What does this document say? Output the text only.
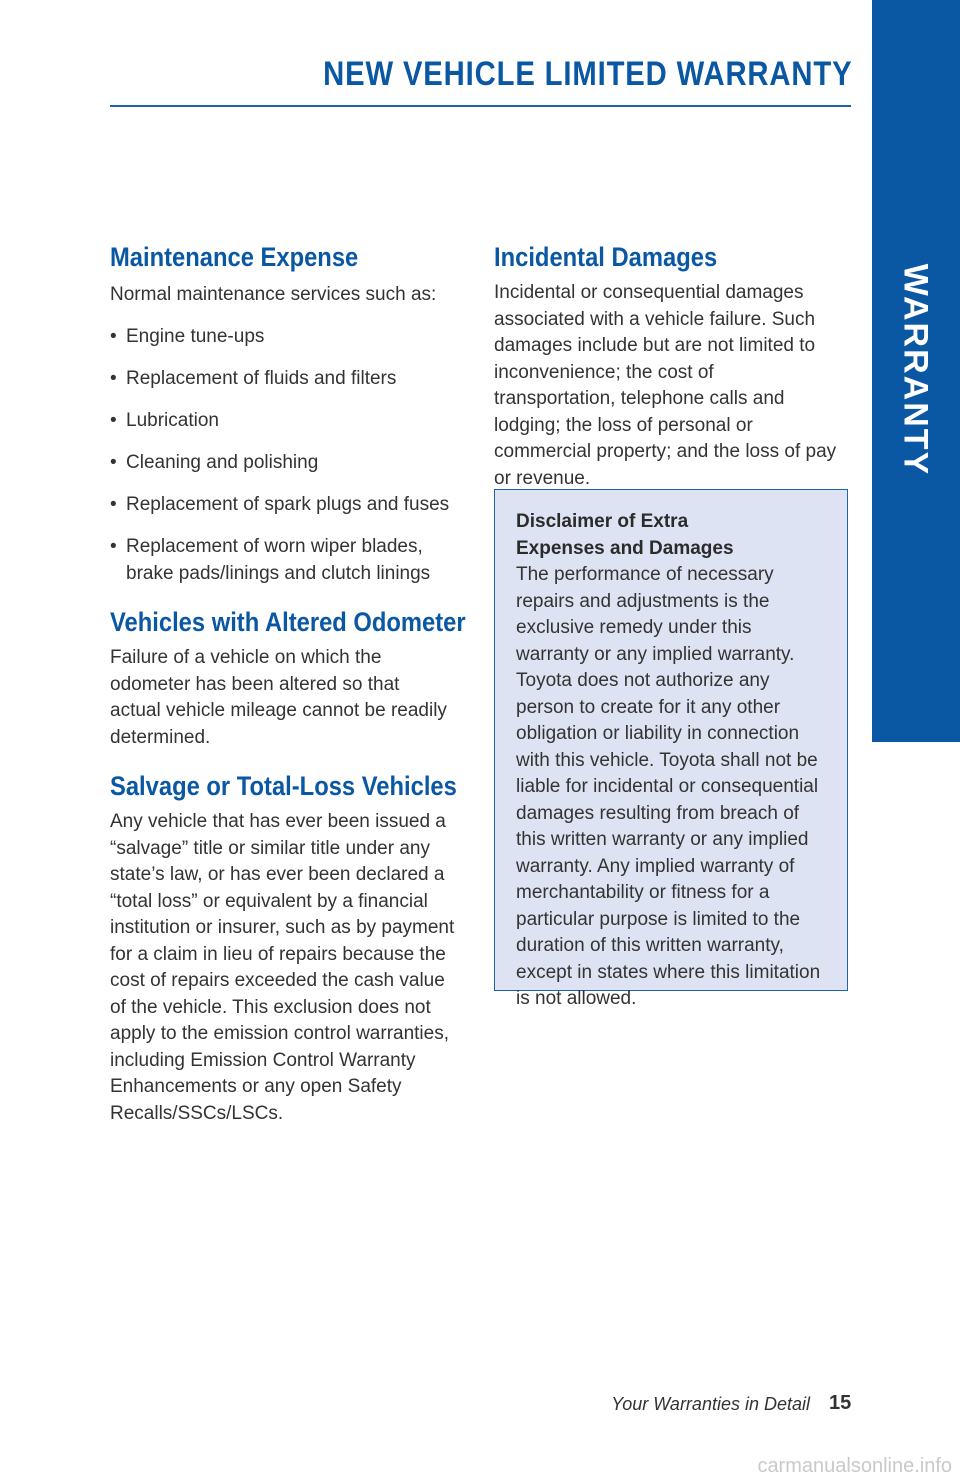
NEW VEHICLE LIMITED WARRANTY
WARRANTY
Maintenance Expense

Normal maintenance services such as:

• Engine tune-ups
• Replacement of fluids and filters
• Lubrication
• Cleaning and polishing
• Replacement of spark plugs and fuses
• Replacement of worn wiper blades, brake pads/linings and clutch linings
Vehicles with Altered Odometer

Failure of a vehicle on which the odometer has been altered so that actual vehicle mileage cannot be readily determined.

Salvage or Total-Loss Vehicles

Any vehicle that has ever been issued a “salvage” title or similar title under any state’s law, or has ever been declared a “total loss” or equivalent by a financial institution or insurer, such as by payment for a claim in lieu of repairs because the cost of repairs exceeded the cash value of the vehicle. This exclusion does not apply to the emission control warranties, including Emission Control Warranty Enhancements or any open Safety Recalls/SSCs/LSCs.

Incidental Damages

Incidental or consequential damages associated with a vehicle failure. Such damages include but are not limited to inconvenience; the cost of transportation, telephone calls and lodging; the loss of personal or commercial property; and the loss of pay or revenue.

Disclaimer of Extra

Expenses and Damages

The performance of necessary repairs and adjustments is the exclusive remedy under this warranty or any implied warranty. Toyota does not authorize any person to create for it any other obligation or liability in connection with this vehicle. Toyota shall not be liable for incidental or consequential damages resulting from breach of this written warranty or any implied warranty. Any implied warranty of merchantability or fitness for a particular purpose is limited to the duration of this written warranty, except in states where this limitation is not allowed.

Your Warranties in Detail 15
carmanualsonline.info
